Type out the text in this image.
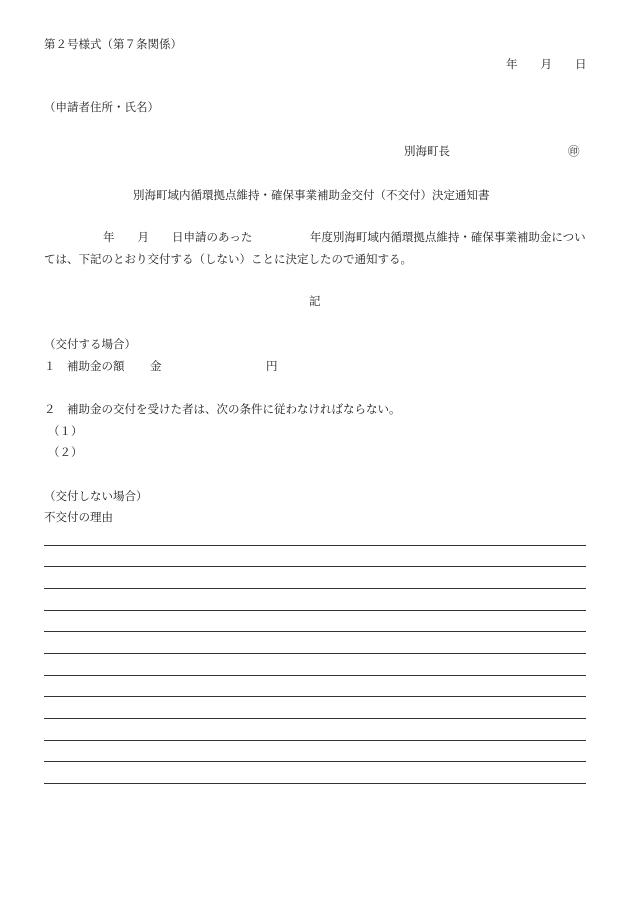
第２号様式（第７条関係）
年　　月　　日
（申請者住所・氏名）
別海町長	㊞
別海町域内循環拠点維持・確保事業補助金交付（不交付）決定通知書
年　　月　　日申請のあった　　　　　年度別海町域内循環拠点維持・確保事業補助金につい
ては、下記のとおり交付する（しない）ことに決定したので通知する。
記
（交付する場合）
１　補助金の額 金	円
２　補助金の交付を受けた者は、次の条件に従わなければならない。
（１）
（２）
（交付しない場合）
不交付の理由
